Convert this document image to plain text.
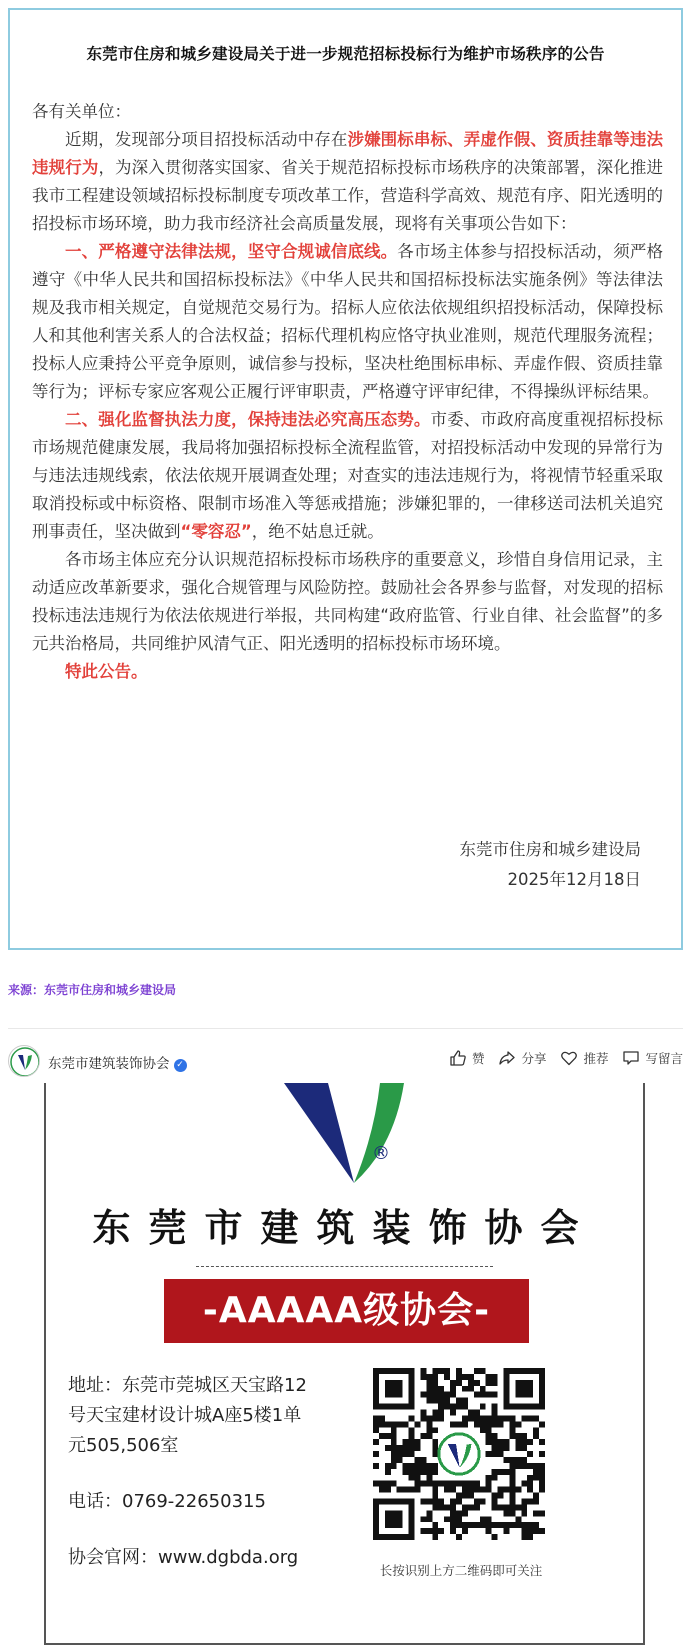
东莞市住房和城乡建设局关于进一步规范招标投标行为维护市场秩序的公告

各有关单位：

近期，发现部分项目招投标活动中存在涉嫌围标串标、弄虚作假、资质挂靠等违法违规行为，为深入贯彻落实国家、省关于规范招标投标市场秩序的决策部署，深化推进我市工程建设领域招标投标制度专项改革工作，营造科学高效、规范有序、阳光透明的招投标市场环境，助力我市经济社会高质量发展，现将有关事项公告如下：

一、严格遵守法律法规，坚守合规诚信底线。各市场主体参与招投标活动，须严格遵守《中华人民共和国招标投标法》《中华人民共和国招标投标法实施条例》等法律法规及我市相关规定，自觉规范交易行为。招标人应依法依规组织招投标活动，保障投标人和其他利害关系人的合法权益；招标代理机构应恪守执业准则，规范代理服务流程；投标人应秉持公平竞争原则，诚信参与投标，坚决杜绝围标串标、弄虚作假、资质挂靠等行为；评标专家应客观公正履行评审职责，严格遵守评审纪律，不得操纵评标结果。

二、强化监督执法力度，保持违法必究高压态势。市委、市政府高度重视招标投标市场规范健康发展，我局将加强招标投标全流程监管，对招投标活动中发现的异常行为与违法违规线索，依法依规开展调查处理；对查实的违法违规行为，将视情节轻重采取取消投标或中标资格、限制市场准入等惩戒措施；涉嫌犯罪的，一律移送司法机关追究刑事责任，坚决做到“零容忍”，绝不姑息迁就。

各市场主体应充分认识规范招标投标市场秩序的重要意义，珍惜自身信用记录，主动适应改革新要求，强化合规管理与风险防控。鼓励社会各界参与监督，对发现的招标投标违法违规行为依法依规进行举报，共同构建“政府监管、行业自律、社会监督”的多元共治格局，共同维护风清气正、阳光透明的招标投标市场环境。

特此公告。

东莞市住房和城乡建设局
2025年12月18日
来源：东莞市住房和城乡建设局
东莞市建筑装饰协会 ✓	赞	分享	推荐	写留言
®
东莞市建筑装饰协会
-AAAAA级协会-
地址：东莞市莞城区天宝路12
号天宝建材设计城A座5楼1单
元505,506室
电话：0769-22650315
协会官网：www.dgbda.org
长按识别上方二维码即可关注
